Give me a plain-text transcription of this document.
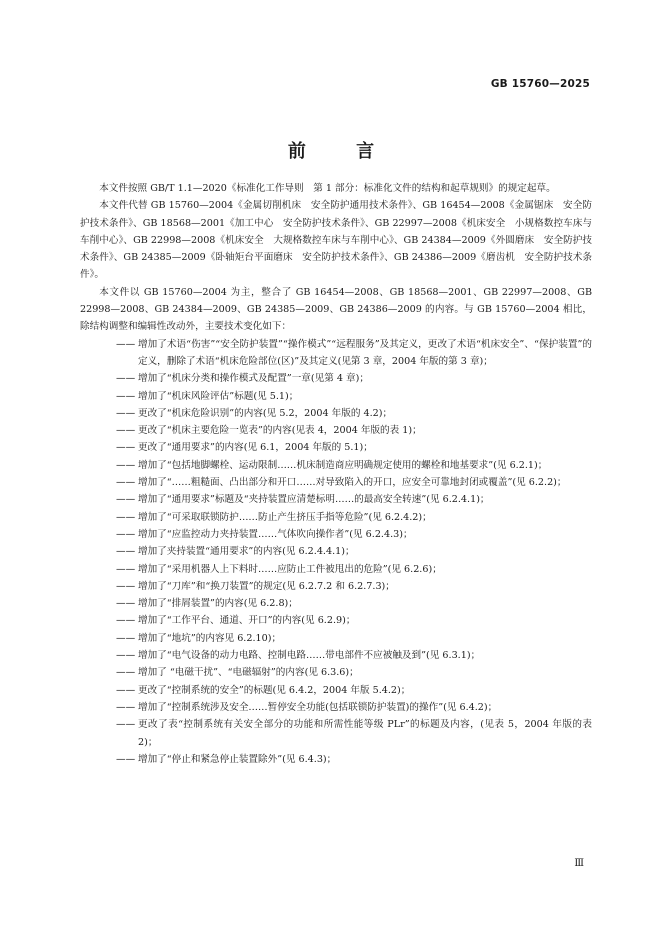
GB 15760—2025
前 言

本文件按照 GB/T 1.1—2020《标准化工作导则　第 1 部分：标准化文件的结构和起草规则》的规定起草。

本文件代替 GB 15760—2004《金属切削机床　安全防护通用技术条件》、GB 16454—2008《金属锯床　安全防护技术条件》、GB 18568—2001《加工中心　安全防护技术条件》、GB 22997—2008《机床安全　小规格数控车床与车削中心》、GB 22998—2008《机床安全　大规格数控车床与车削中心》、GB 24384—2009《外圆磨床　安全防护技术条件》、GB 24385—2009《卧轴矩台平面磨床　安全防护技术条件》、GB 24386—2009《磨齿机　安全防护技术条件》。

本文件以 GB 15760—2004 为主，整合了 GB 16454—2008、GB 18568—2001、GB 22997—2008、GB 22998—2008、GB 24384—2009、GB 24385—2009、GB 24386—2009 的内容。与 GB 15760—2004 相比，除结构调整和编辑性改动外，主要技术变化如下：

—— 增加了术语“伤害”“安全防护装置”“操作模式”“远程服务”及其定义，更改了术语“机床安全”、“保护装置”的定义，删除了术语“机床危险部位(区)”及其定义(见第 3 章，2004 年版的第 3 章)；
—— 增加了“机床分类和操作模式及配置”一章(见第 4 章)；
—— 增加了“机床风险评估”标题(见 5.1)；
—— 更改了“机床危险识别”的内容(见 5.2，2004 年版的 4.2)；
—— 更改了“机床主要危险一览表”的内容(见表 4，2004 年版的表 1)；
—— 更改了“通用要求”的内容(见 6.1，2004 年版的 5.1)；
—— 增加了“包括地脚螺栓、运动限制……机床制造商应明确规定使用的螺栓和地基要求”(见 6.2.1)；
—— 增加了“……粗糙面、凸出部分和开口……对导致陷入的开口，应安全可靠地封闭或覆盖”(见 6.2.2)；
—— 增加了“通用要求”标题及“夹持装置应清楚标明……的最高安全转速”(见 6.2.4.1)；
—— 增加了“可采取联锁防护……防止产生挤压手指等危险”(见 6.2.4.2)；
—— 增加了“应监控动力夹持装置……气体吹向操作者”(见 6.2.4.3)；
—— 增加了夹持装置“通用要求”的内容(见 6.2.4.4.1)；
—— 增加了“采用机器人上下料时……应防止工件被甩出的危险”(见 6.2.6)；
—— 增加了“刀库”和“换刀装置”的规定(见 6.2.7.2 和 6.2.7.3)；
—— 增加了“排屑装置”的内容(见 6.2.8)；
—— 增加了“工作平台、通道、开口”的内容(见 6.2.9)；
—— 增加了“地坑”的内容见 6.2.10)；
—— 增加了“电气设备的动力电路、控制电路……带电部件不应被触及到”(见 6.3.1)；
—— 增加了 “电磁干扰”、“电磁辐射”的内容(见 6.3.6)；
—— 更改了“控制系统的安全”的标题(见 6.4.2，2004 年版 5.4.2)；
—— 增加了“控制系统涉及安全……暂停安全功能(包括联锁防护装置)的操作”(见 6.4.2)；
—— 更改了表“控制系统有关安全部分的功能和所需性能等级 PLr”的标题及内容，(见表 5，2004 年版的表 2)；
—— 增加了“停止和紧急停止装置除外”(见 6.4.3)；
Ⅲ
